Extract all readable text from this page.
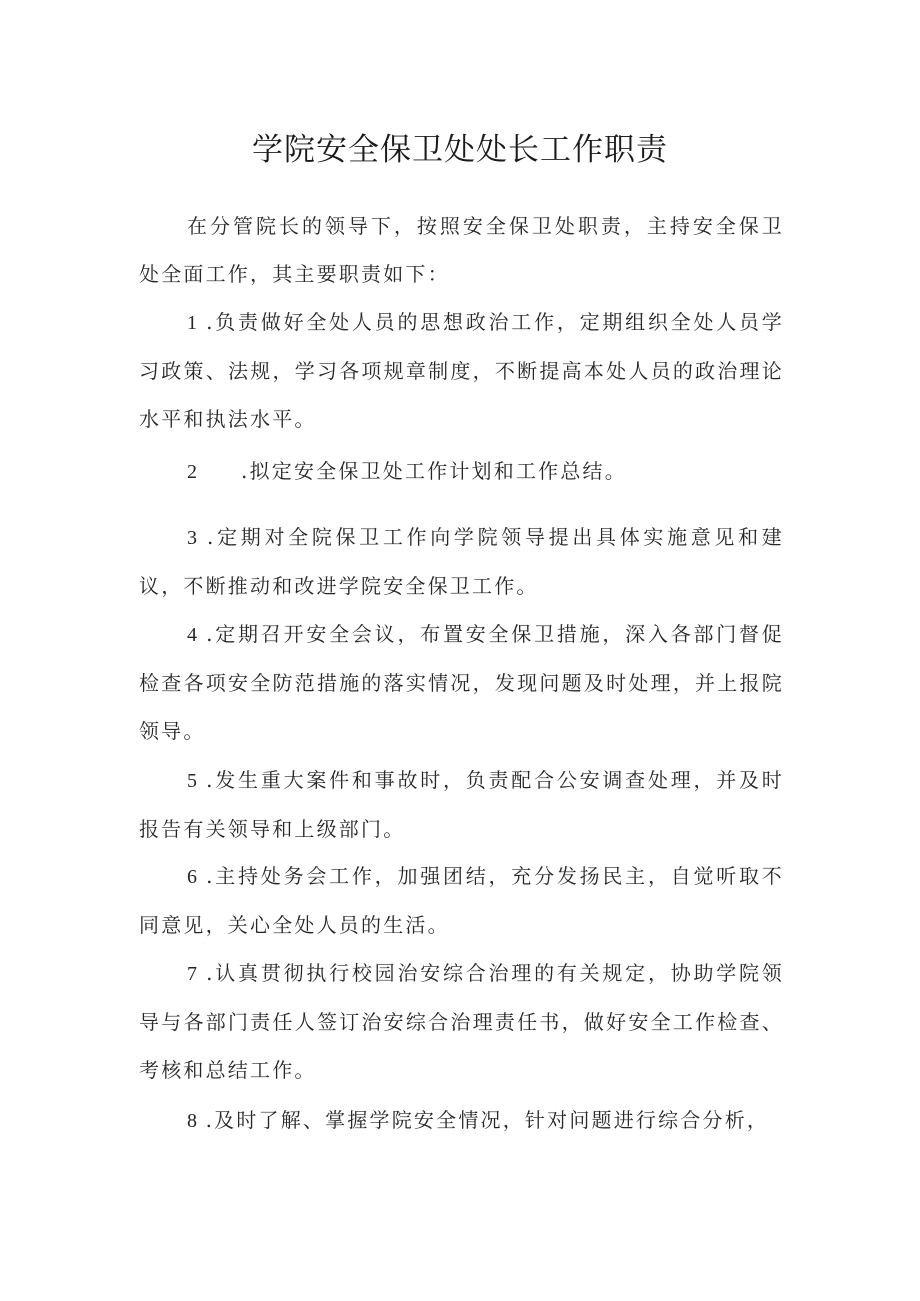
学院安全保卫处处长工作职责

在分管院长的领导下，按照安全保卫处职责，主持安全保卫处全面工作，其主要职责如下：

1 .负责做好全处人员的思想政治工作，定期组织全处人员学习政策、法规，学习各项规章制度，不断提高本处人员的政治理论水平和执法水平。

2 .拟定安全保卫处工作计划和工作总结。

3 .定期对全院保卫工作向学院领导提出具体实施意见和建议，不断推动和改进学院安全保卫工作。

4 .定期召开安全会议，布置安全保卫措施，深入各部门督促检查各项安全防范措施的落实情况，发现问题及时处理，并上报院领导。

5 .发生重大案件和事故时，负责配合公安调查处理，并及时报告有关领导和上级部门。

6 .主持处务会工作，加强团结，充分发扬民主，自觉听取不同意见，关心全处人员的生活。

7 .认真贯彻执行校园治安综合治理的有关规定，协助学院领导与各部门责任人签订治安综合治理责任书，做好安全工作检查、考核和总结工作。

8 .及时了解、掌握学院安全情况，针对问题进行综合分析，
